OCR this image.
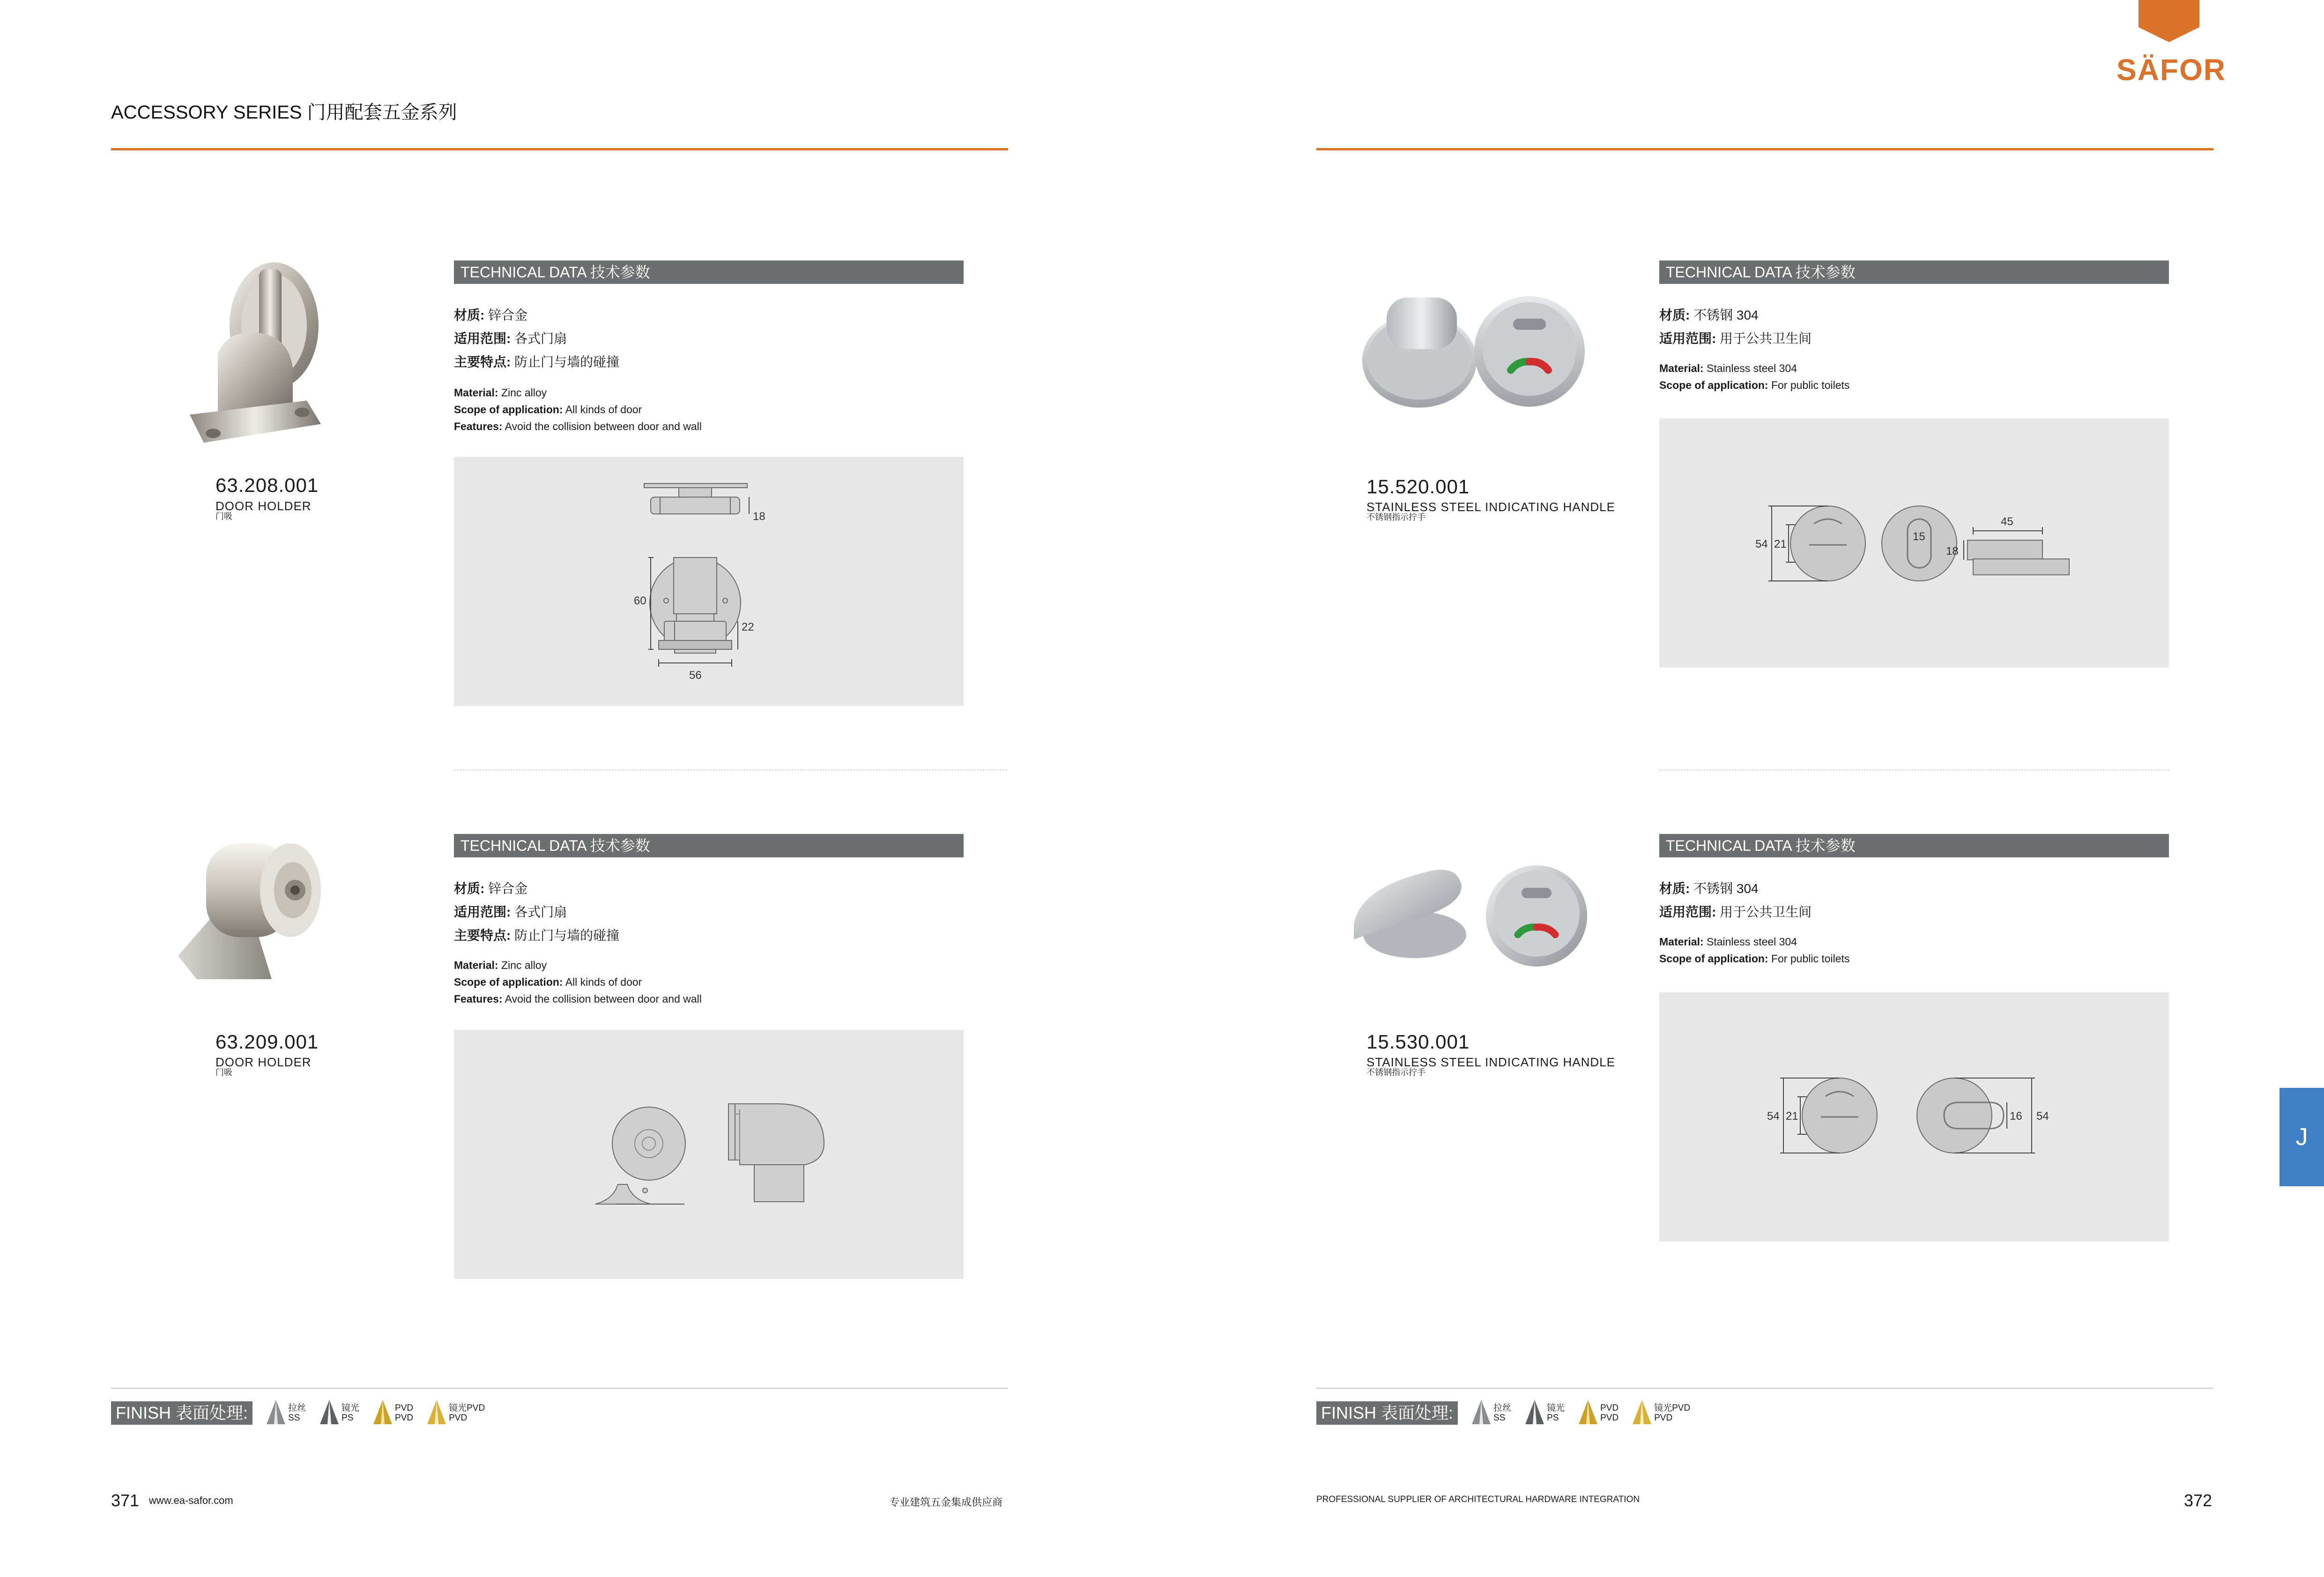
ACCESSORY SERIES 门用配套五金系列
SÄFOR
J
63.208.001
DOOR HOLDER
门吸
TECHNICAL DATA 技术参数
材质: 锌合金
适用范围: 各式门扇
主要特点: 防止门与墙的碰撞
Material: Zinc alloy
Scope of application: All kinds of door
Features: Avoid the collision between door and wall
18
60
22
56
15.520.001
STAINLESS STEEL INDICATING HANDLE
不锈钢指示拧手
TECHNICAL DATA 技术参数
材质: 不锈钢 304
适用范围: 用于公共卫生间
Material: Stainless steel 304
Scope of application: For public toilets
54 21
15
45
18
63.209.001
DOOR HOLDER
门吸
TECHNICAL DATA 技术参数
材质: 锌合金
适用范围: 各式门扇
主要特点: 防止门与墙的碰撞
Material: Zinc alloy
Scope of application: All kinds of door
Features: Avoid the collision between door and wall
15.530.001
STAINLESS STEEL INDICATING HANDLE
不锈钢指示拧手
TECHNICAL DATA 技术参数
材质: 不锈钢 304
适用范围: 用于公共卫生间
Material: Stainless steel 304
Scope of application: For public toilets
54 21	16 54
FINISH 表面处理:	拉丝
SS
镜光
PS
PVD
PVD
镜光PVD
PVD	FINISH 表面处理:	拉丝
SS
镜光
PS
PVD
PVD
镜光PVD
PVD
371 www.ea-safor.com	专业建筑五金集成供应商	PROFESSIONAL SUPPLIER OF ARCHITECTURAL HARDWARE INTEGRATION	372
